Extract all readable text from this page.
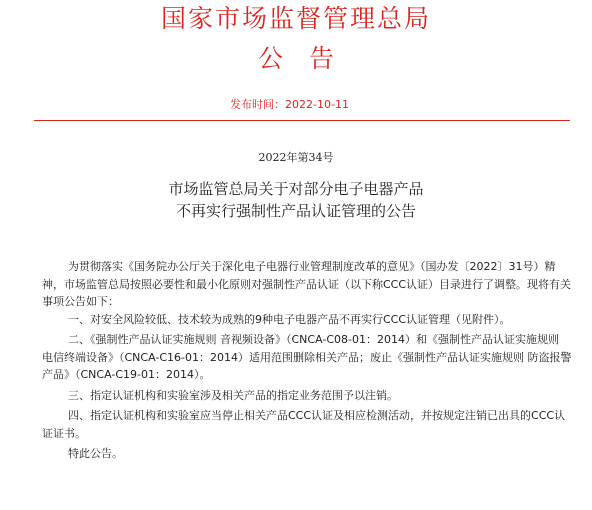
国家市场监督管理总局
公告
发布时间：2022-10-11
2022年第34号
市场监管总局关于对部分电子电器产品
不再实行强制性产品认证管理的公告

为贯彻落实《国务院办公厅关于深化电子电器行业管理制度改革的意见》（国办发〔2022〕31号）精神，市场监管总局按照必要性和最小化原则对强制性产品认证（以下称CCC认证）目录进行了调整。现将有关事项公告如下：

一、对安全风险较低、技术较为成熟的9种电子电器产品不再实行CCC认证管理（见附件）。

二、《强制性产品认证实施规则 音视频设备》（CNCA-C08-01：2014）和《强制性产品认证实施规则 电信终端设备》（CNCA-C16-01：2014）适用范围删除相关产品；废止《强制性产品认证实施规则 防盗报警产品》（CNCA-C19-01：2014）。

三、指定认证机构和实验室涉及相关产品的指定业务范围予以注销。

四、指定认证机构和实验室应当停止相关产品CCC认证及相应检测活动，并按规定注销已出具的CCC认证证书。

特此公告。
